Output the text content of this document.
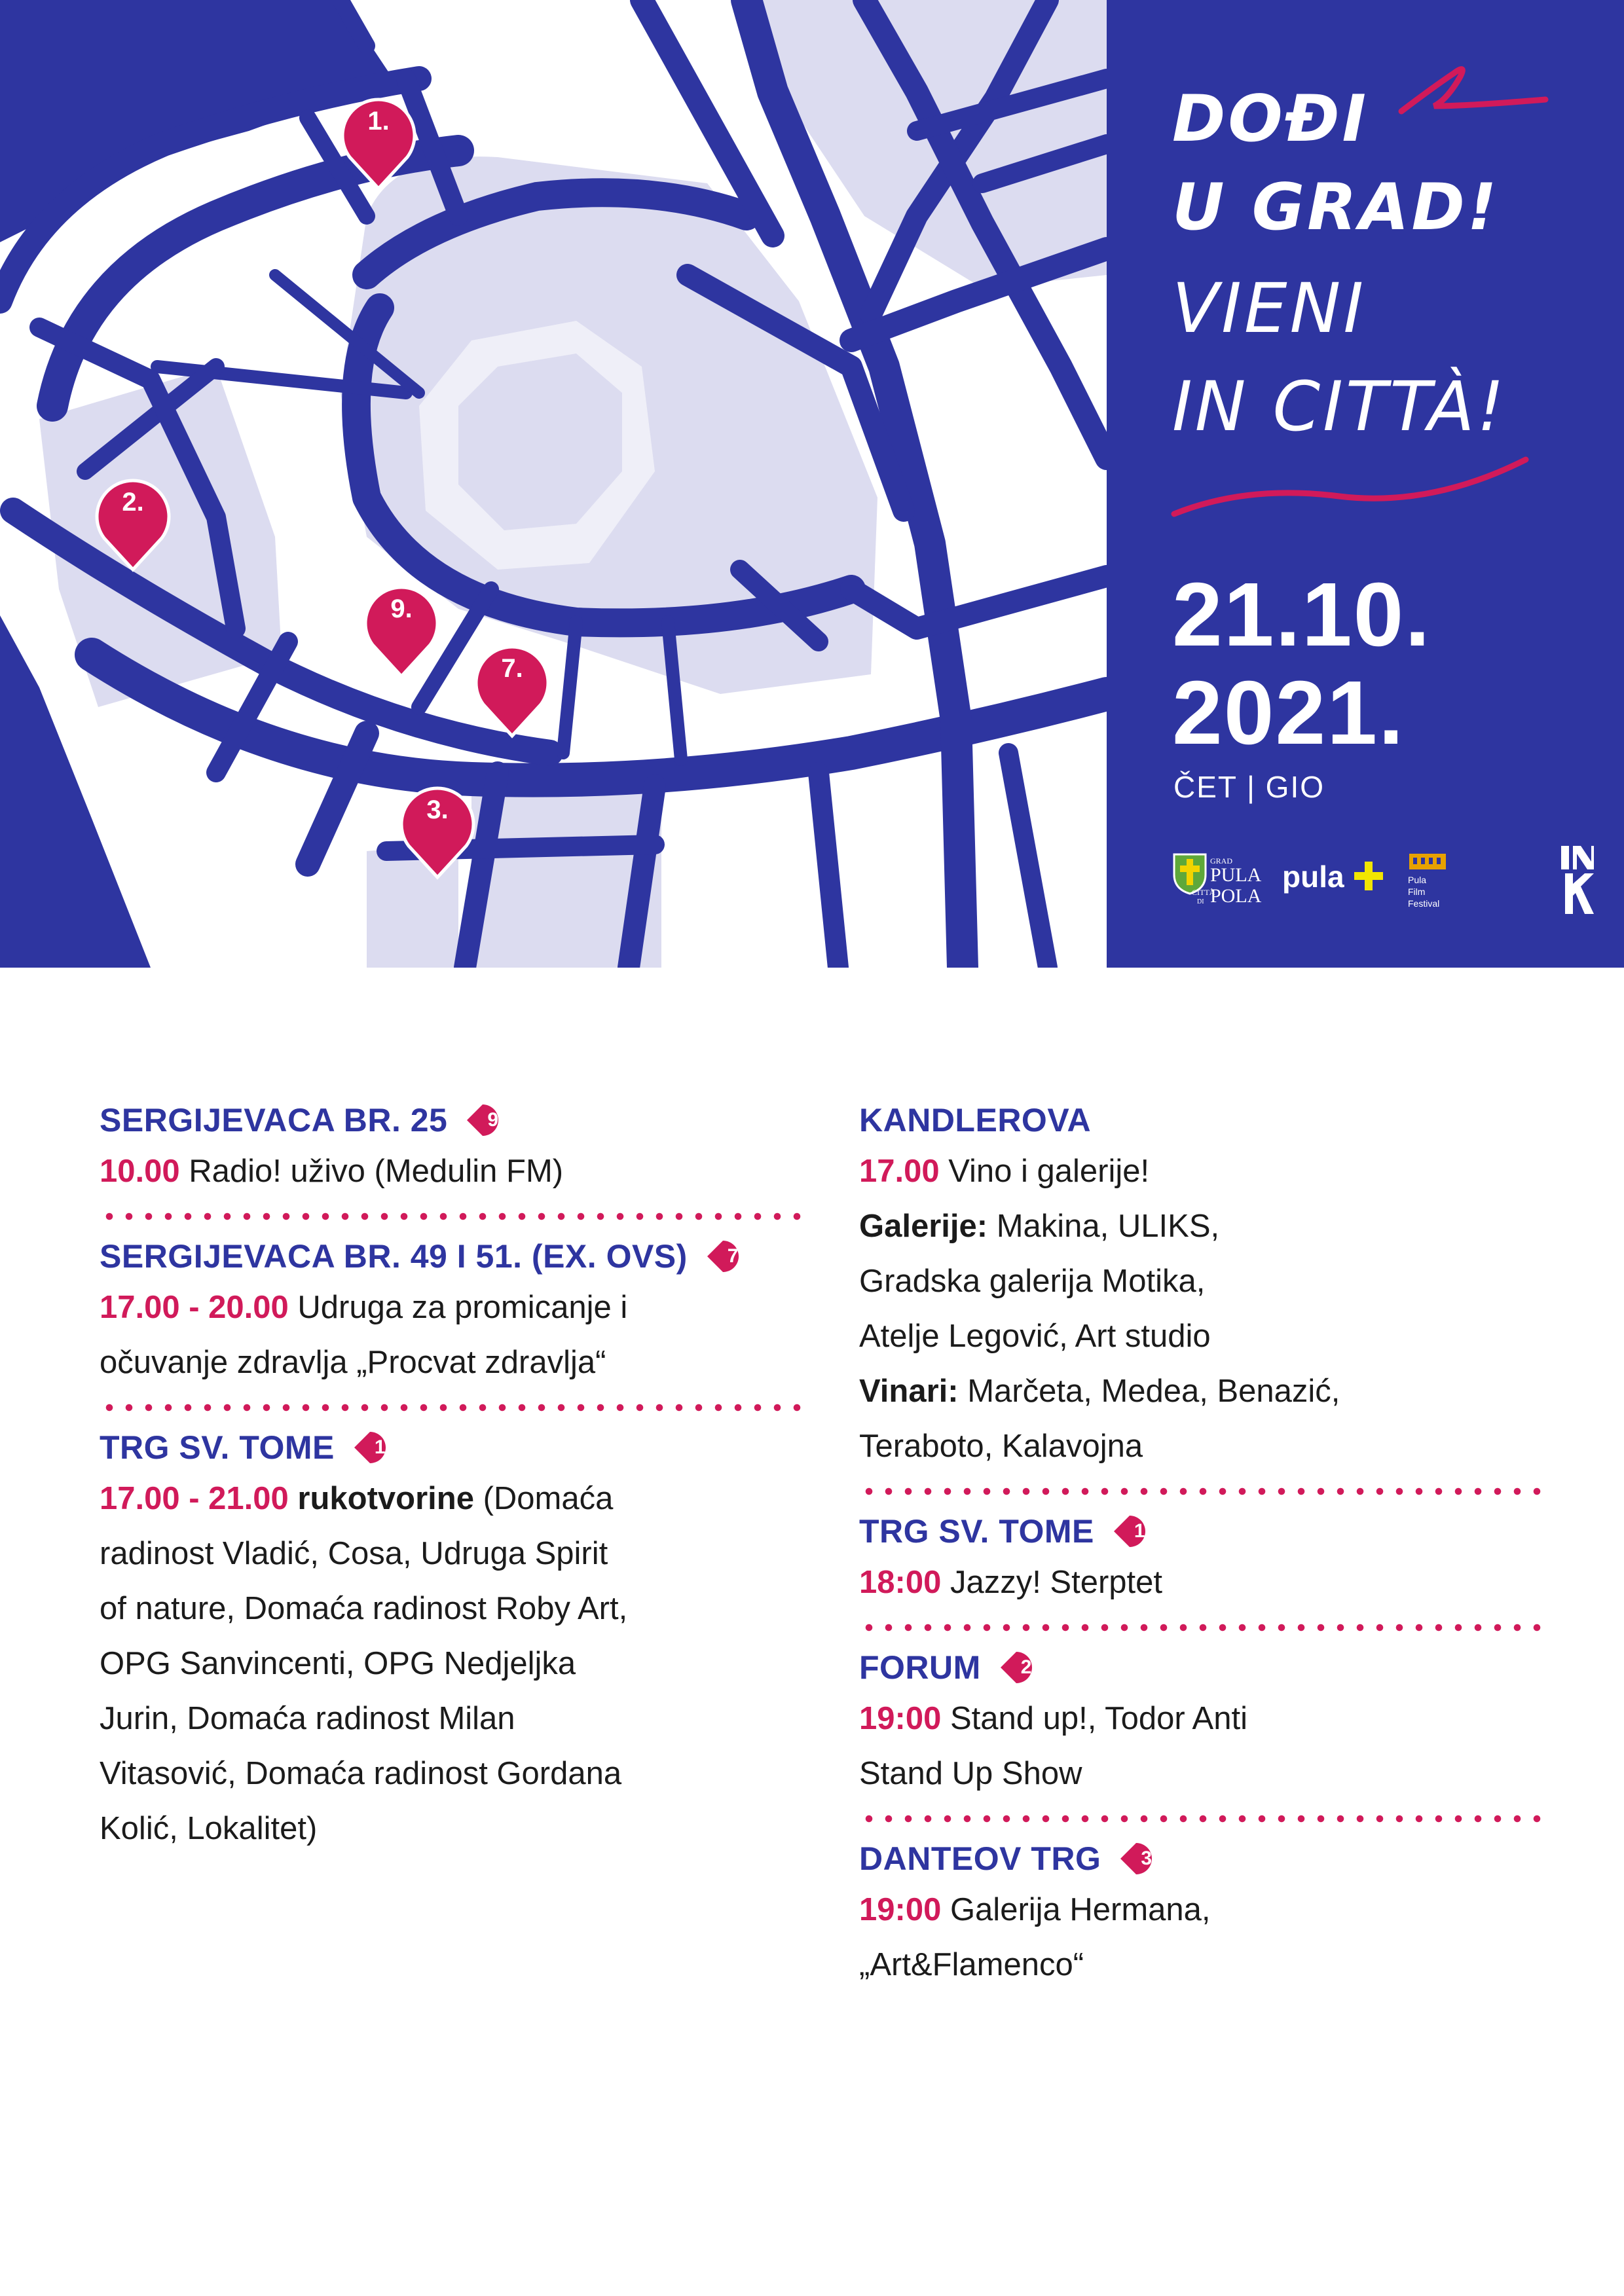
1.
2.
9.
7.
3.
DOĐI
U GRAD!
VIENI
IN CITTÀ!
21.10.
2021.
ČET | GIO
GRAD
PULA
CITTÀ
DI POLA
pula	Pula
Film
Festival
SERGIJEVACA BR. 25	9.
10.00 Radio! uživo (Medulin FM)
SERGIJEVACA BR. 49 I 51. (EX. OVS)	7.
17.00 - 20.00 Udruga za promicanje i
očuvanje zdravlja „Procvat zdravlja“
TRG SV. TOME	1.
17.00 - 21.00 rukotvorine (Domaća
radinost Vladić, Cosa, Udruga Spirit
of nature, Domaća radinost Roby Art,
OPG Sanvincenti, OPG Nedjeljka
Jurin, Domaća radinost Milan
Vitasović, Domaća radinost Gordana
Kolić, Lokalitet)
KANDLEROVA
17.00 Vino i galerije!
Galerije: Makina, ULIKS,
Gradska galerija Motika,
Atelje Legović, Art studio
Vinari: Marčeta, Medea, Benazić,
Teraboto, Kalavojna
TRG SV. TOME	1.
18:00 Jazzy! Sterptet
FORUM	2.
19:00 Stand up!, Todor Anti
Stand Up Show
DANTEOV TRG	3.
19:00 Galerija Hermana,
„Art&Flamenco“
